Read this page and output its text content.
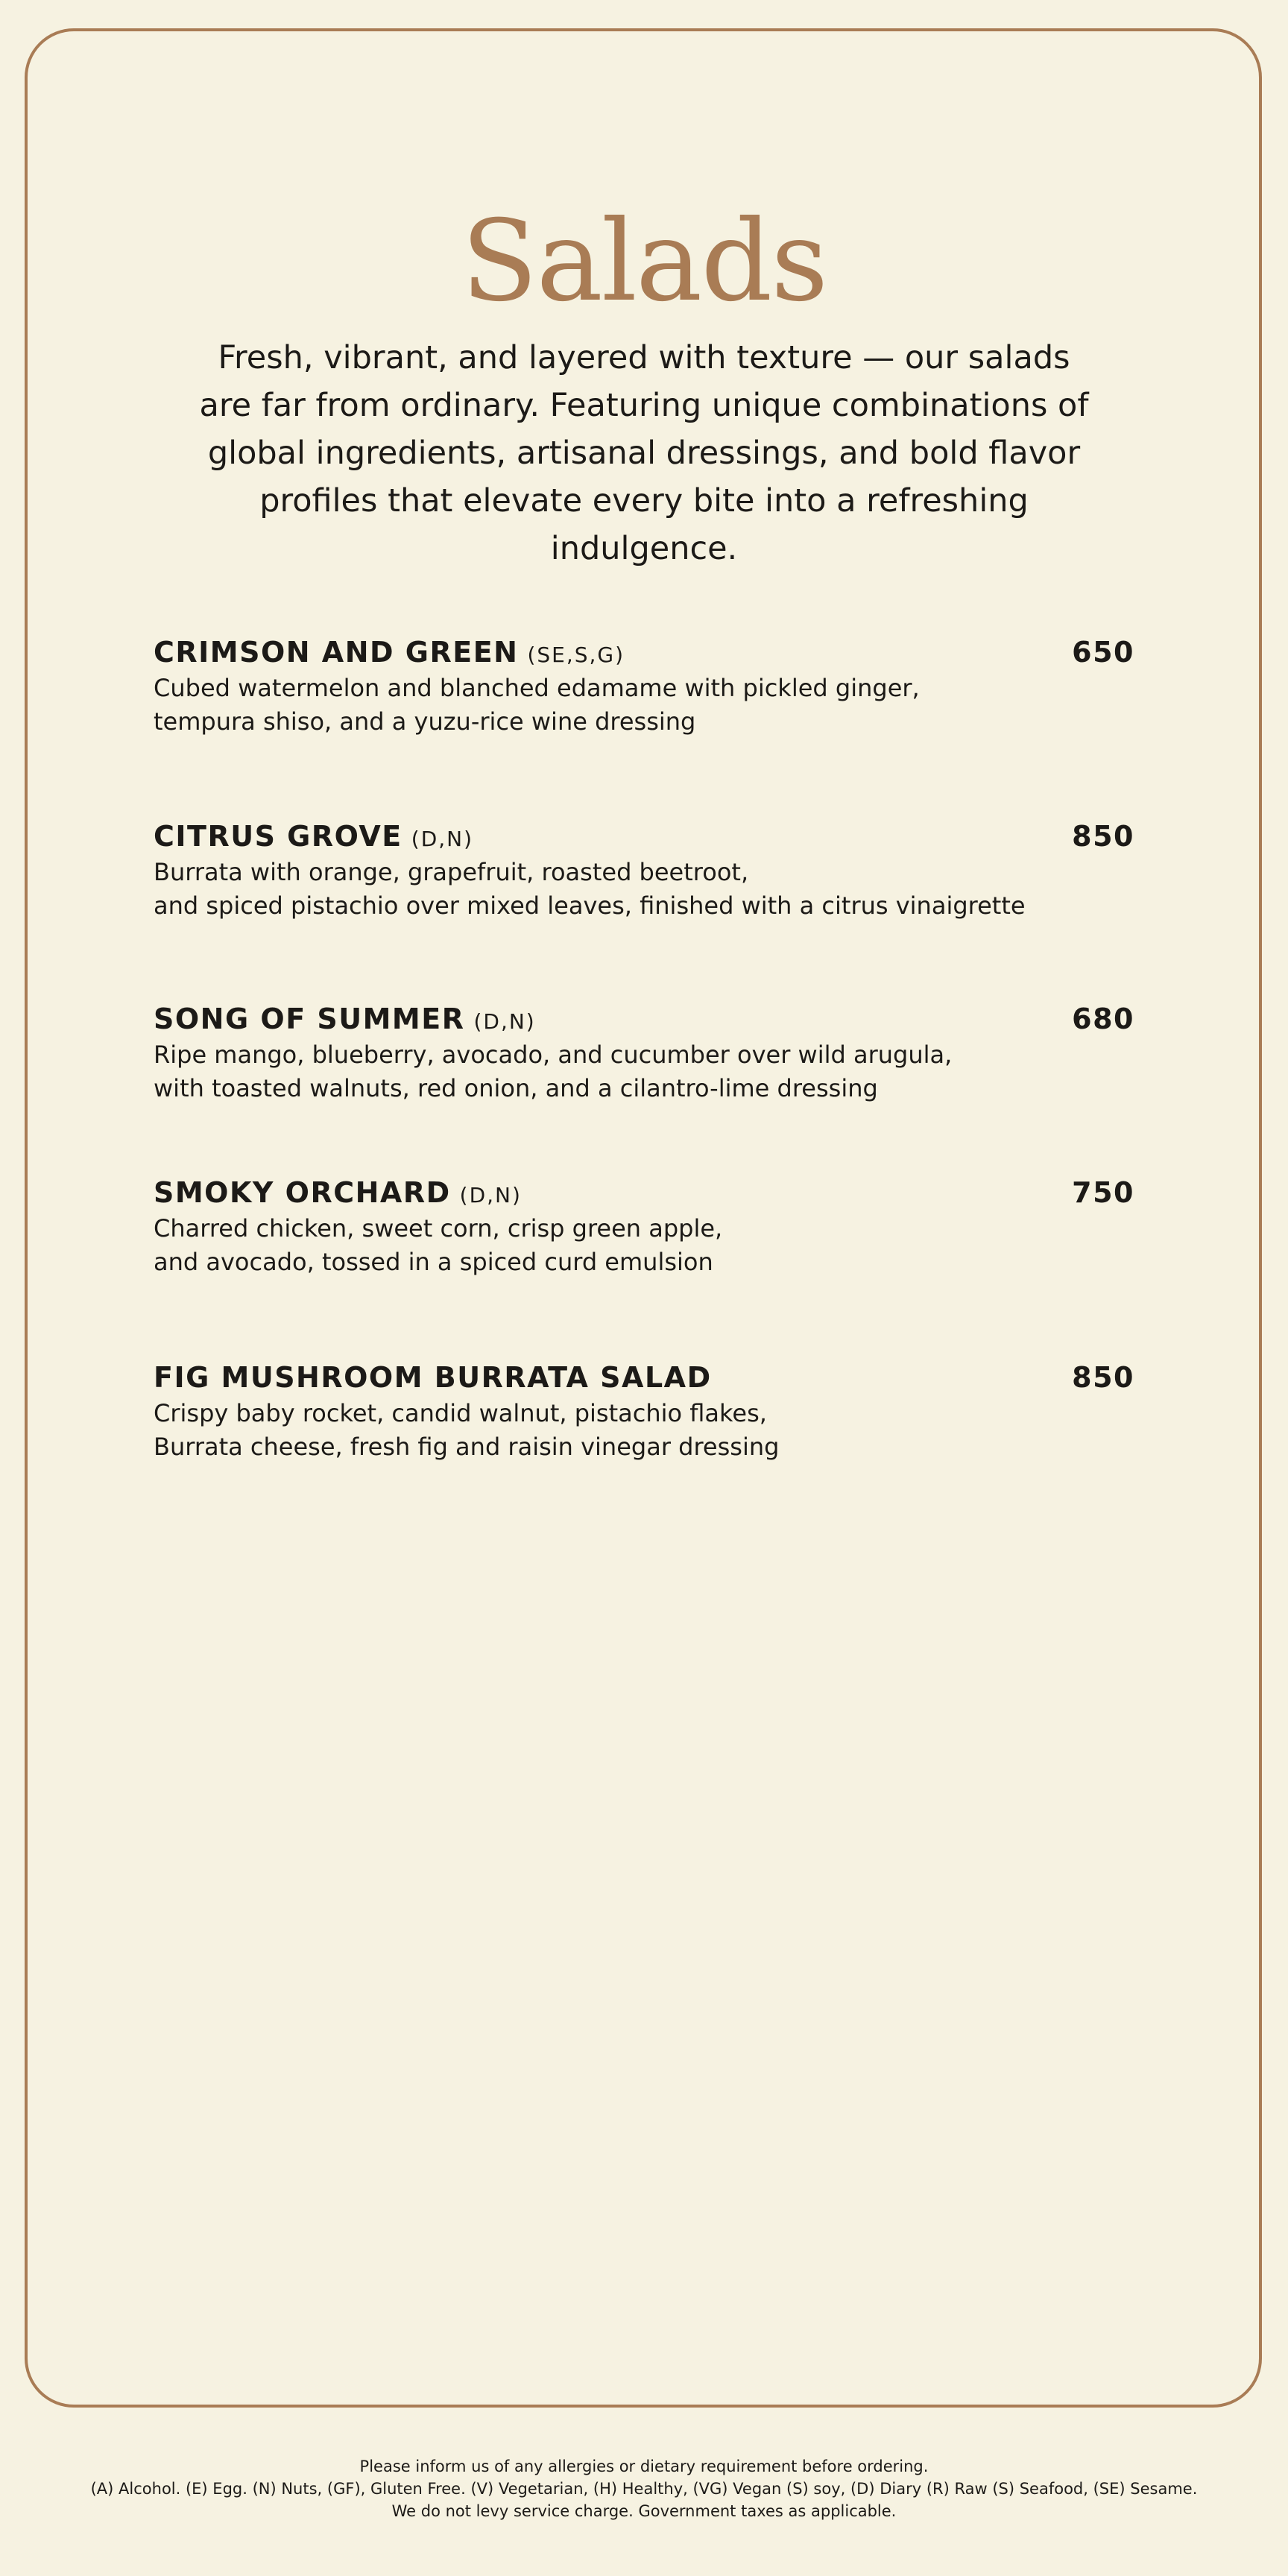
Salads

Fresh, vibrant, and layered with texture — our salads are far from ordinary. Featuring unique combinations of global ingredients, artisanal dressings, and bold flavor profiles that elevate every bite into a refreshing indulgence.

CRIMSON AND GREEN (SE,S,G)	650
Cubed watermelon and blanched edamame with pickled ginger,
tempura shiso, and a yuzu-rice wine dressing
CITRUS GROVE (D,N)	850
Burrata with orange, grapefruit, roasted beetroot,
and spiced pistachio over mixed leaves, finished with a citrus vinaigrette
SONG OF SUMMER (D,N)	680
Ripe mango, blueberry, avocado, and cucumber over wild arugula,
with toasted walnuts, red onion, and a cilantro-lime dressing
SMOKY ORCHARD (D,N)	750
Charred chicken, sweet corn, crisp green apple,
and avocado, tossed in a spiced curd emulsion
FIG MUSHROOM BURRATA SALAD	850
Crispy baby rocket, candid walnut, pistachio flakes,
Burrata cheese, fresh fig and raisin vinegar dressing
Please inform us of any allergies or dietary requirement before ordering.
(A) Alcohol. (E) Egg. (N) Nuts, (GF), Gluten Free. (V) Vegetarian, (H) Healthy, (VG) Vegan (S) soy, (D) Diary (R) Raw (S) Seafood, (SE) Sesame.
We do not levy service charge. Government taxes as applicable.
